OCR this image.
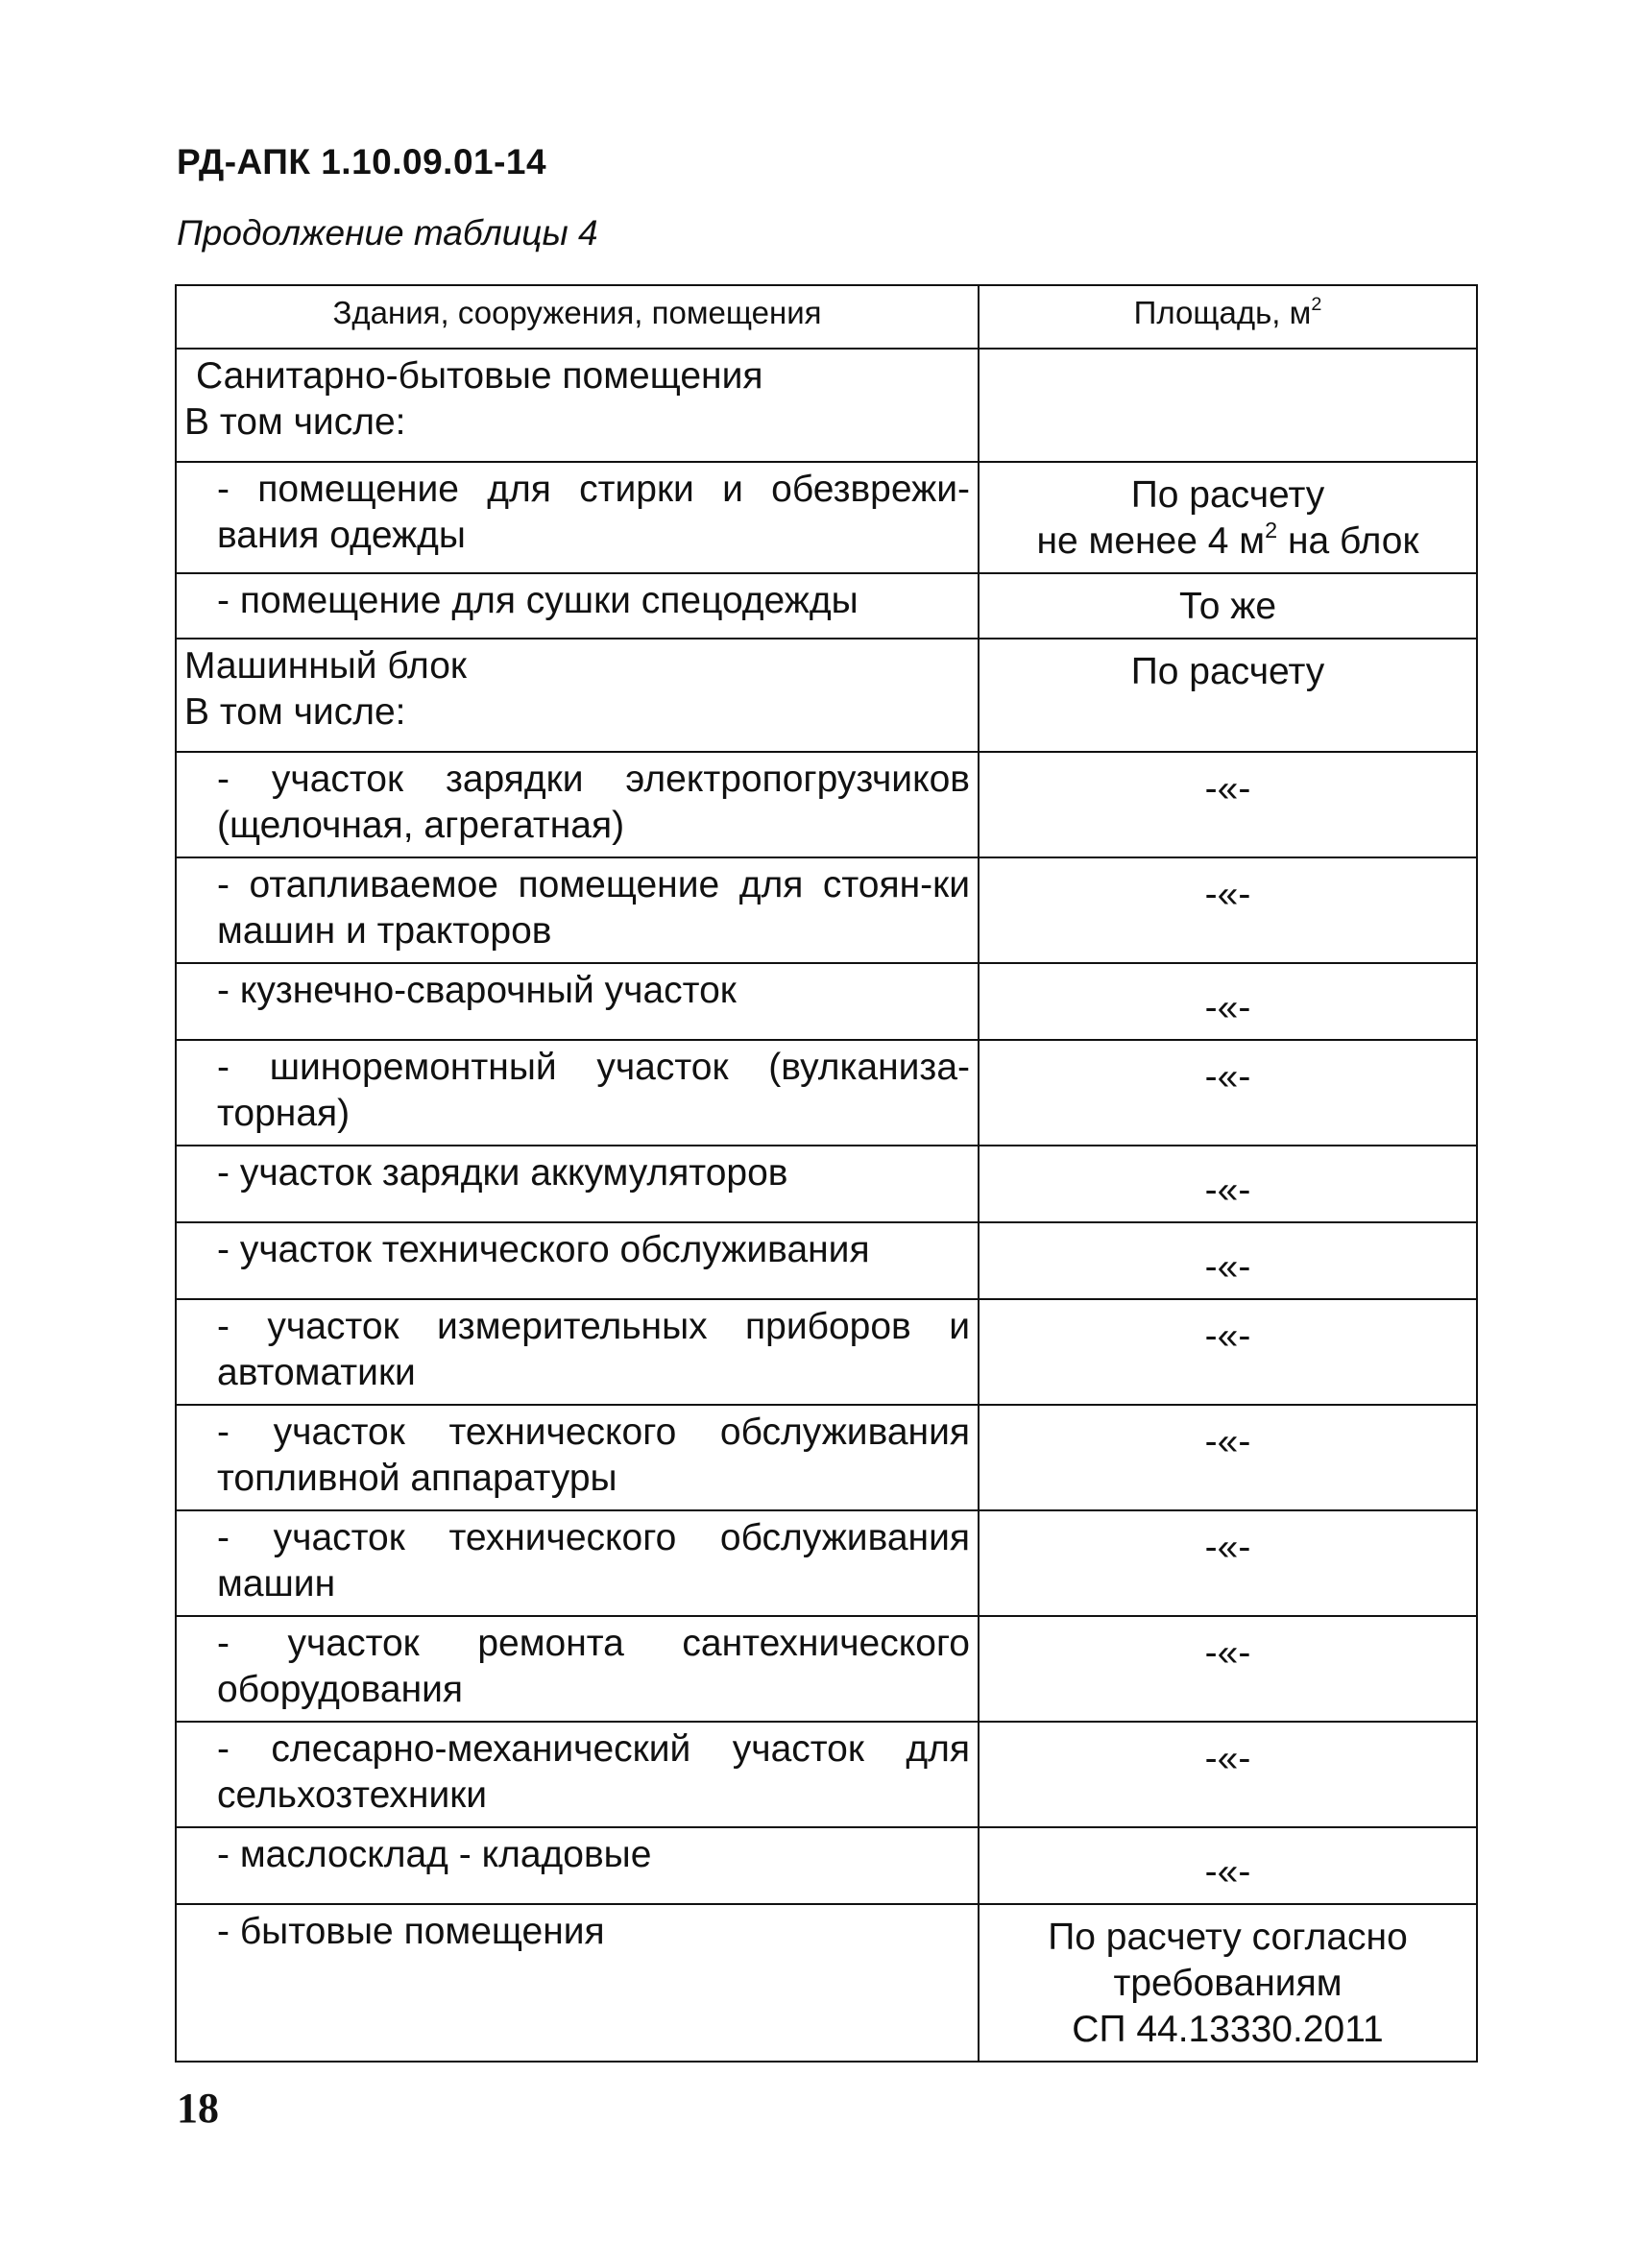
РД-АПК 1.10.09.01-14
Продолжение таблицы 4
Здания, сооружения, помещения	Площадь, $м^2$

Санитарно-бытовые помещения
В том числе:	

- помещение для стирки и обезврежи-вания одежды	По расчету
не менее 4 $м^2$ на блок

- помещение для сушки спецодежды	То же

Машинный блок
В том числе:	По расчету
- участок зарядки электропогрузчиков (щелочная, агрегатная)	-«-
- отапливаемое помещение для стоян-ки машин и тракторов	-«-
- кузнечно-сварочный участок	-«-
- шиноремонтный участок (вулканиза-торная)	-«-
- участок зарядки аккумуляторов	-«-
- участок технического обслуживания	-«-
- участок измерительных приборов и автоматики	-«-
- участок технического обслуживания топливной аппаратуры	-«-
- участок технического обслуживания машин	-«-
- участок ремонта сантехнического оборудования	-«-
- слесарно-механический участок для сельхозтехники	-«-
- маслосклад - кладовые	-«-
- бытовые помещения	По расчету согласно
требованиям
СП 44.13330.2011
18
